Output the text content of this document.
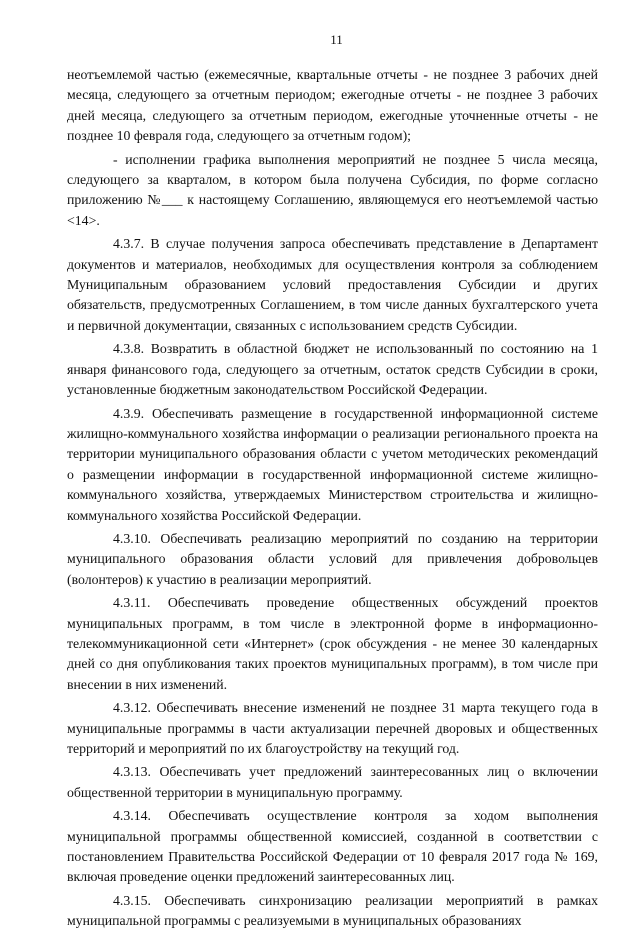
11

неотъемлемой частью (ежемесячные, квартальные отчеты - не позднее 3 рабочих дней месяца, следующего за отчетным периодом; ежегодные отчеты - не позднее 3 рабочих дней месяца, следующего за отчетным периодом, ежегодные уточненные отчеты - не позднее 10 февраля года, следующего за отчетным годом);

- исполнении графика выполнения мероприятий не позднее 5 числа месяца, следующего за кварталом, в котором была получена Субсидия, по форме согласно приложению №___ к настоящему Соглашению, являющемуся его неотъемлемой частью <14>.

4.3.7. В случае получения запроса обеспечивать представление в Департамент документов и материалов, необходимых для осуществления контроля за соблюдением Муниципальным образованием условий предоставления Субсидии и других обязательств, предусмотренных Соглашением, в том числе данных бухгалтерского учета и первичной документации, связанных с использованием средств Субсидии.

4.3.8. Возвратить в областной бюджет не использованный по состоянию на 1 января финансового года, следующего за отчетным, остаток средств Субсидии в сроки, установленные бюджетным законодательством Российской Федерации.

4.3.9. Обеспечивать размещение в государственной информационной системе жилищно-коммунального хозяйства информации о реализации регионального проекта на территории муниципального образования области с учетом методических рекомендаций о размещении информации в государственной информационной системе жилищно-коммунального хозяйства, утверждаемых Министерством строительства и жилищно-коммунального хозяйства Российской Федерации.

4.3.10. Обеспечивать реализацию мероприятий по созданию на территории муниципального образования области условий для привлечения добровольцев (волонтеров) к участию в реализации мероприятий.

4.3.11. Обеспечивать проведение общественных обсуждений проектов муниципальных программ, в том числе в электронной форме в информационно-телекоммуникационной сети «Интернет» (срок обсуждения - не менее 30 календарных дней со дня опубликования таких проектов муниципальных программ), в том числе при внесении в них изменений.

4.3.12. Обеспечивать внесение изменений не позднее 31 марта текущего года в муниципальные программы в части актуализации перечней дворовых и общественных территорий и мероприятий по их благоустройству на текущий год.

4.3.13. Обеспечивать учет предложений заинтересованных лиц о включении общественной территории в муниципальную программу.

4.3.14. Обеспечивать осуществление контроля за ходом выполнения муниципальной программы общественной комиссией, созданной в соответствии с постановлением Правительства Российской Федерации от 10 февраля 2017 года № 169, включая проведение оценки предложений заинтересованных лиц.

4.3.15. Обеспечивать синхронизацию реализации мероприятий в рамках муниципальной программы с реализуемыми в муниципальных образованиях
